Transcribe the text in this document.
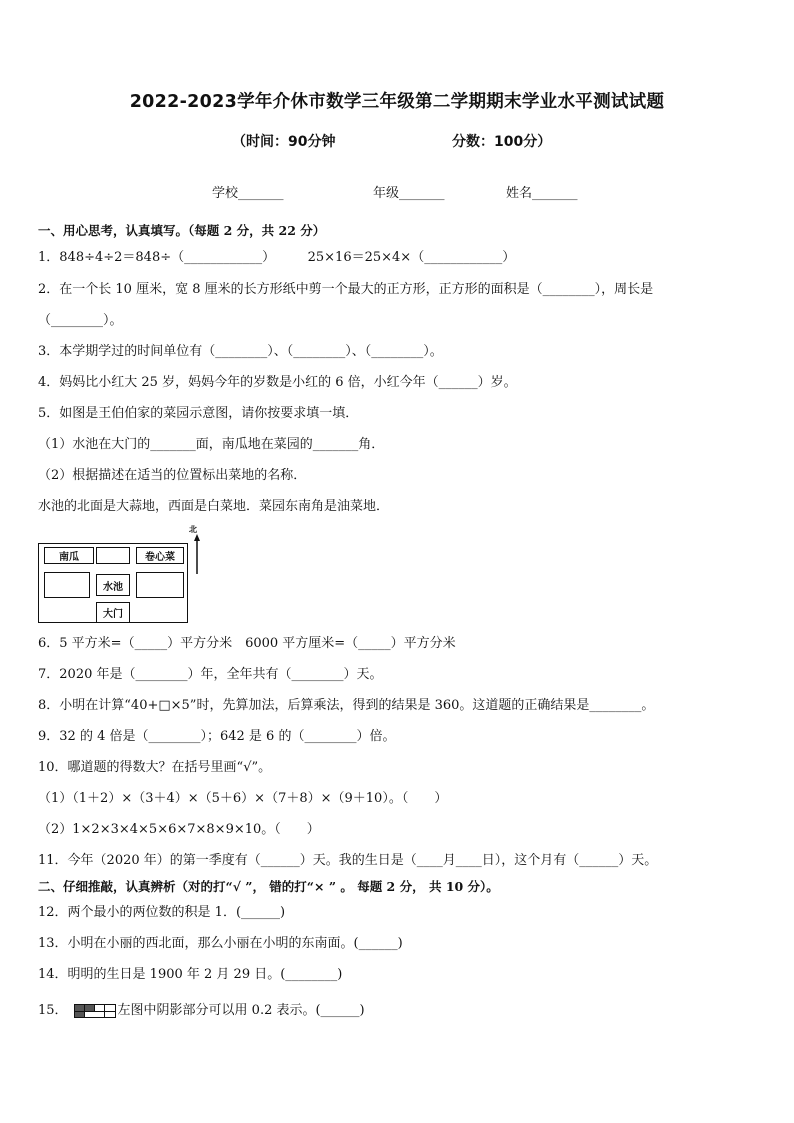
2022-2023学年介休市数学三年级第二学期期末学业水平测试试题
（时间：90分钟	分数：100分）
学校_______	年级_______	姓名_______
一、用心思考，认真填写。（每题 2 分，共 22 分）
1．848÷4÷2＝848÷（____________）　　　25×16＝25×4×（____________）
2．在一个长 10 厘米，宽 8 厘米的长方形纸中剪一个最大的正方形，正方形的面积是（________），周长是
（________）。
3．本学期学过的时间单位有（________）、（________）、（________）。
4．妈妈比小红大 25 岁，妈妈今年的岁数是小红的 6 倍，小红今年（______）岁。
5．如图是王伯伯家的菜园示意图，请你按要求填一填．
（1）水池在大门的_______面，南瓜地在菜园的_______角．
（2）根据描述在适当的位置标出菜地的名称．
水池的北面是大蒜地，西面是白菜地．菜园东南角是油菜地．
南瓜	卷心菜
水池
大门
北
6．5 平方米=（_____）平方分米　6000 平方厘米=（_____）平方分米
7．2020 年是（________）年，全年共有（________）天。
8．小明在计算“40+□×5”时，先算加法，后算乘法，得到的结果是 360。这道题的正确结果是________。
9．32 的 4 倍是（________）；642 是 6 的（________）倍。
10．哪道题的得数大？在括号里画“√”。
（1）（1＋2）×（3＋4）×（5＋6）×（7＋8）×（9＋10）。（　　）
（2）1×2×3×4×5×6×7×8×9×10。（　　）
11．今年（2020 年）的第一季度有（______）天。我的生日是（____月____日），这个月有（______）天。
二、仔细推敲，认真辨析（对的打“√ ”， 错的打“× ” 。 每题 2 分， 共 10 分）。
12．两个最小的两位数的积是 1．(______)
13．小明在小丽的西北面，那么小丽在小明的东南面。(______)
14．明明的生日是 1900 年 2 月 29 日。(________)
15．	左图中阴影部分可以用 0.2 表示。(______)
